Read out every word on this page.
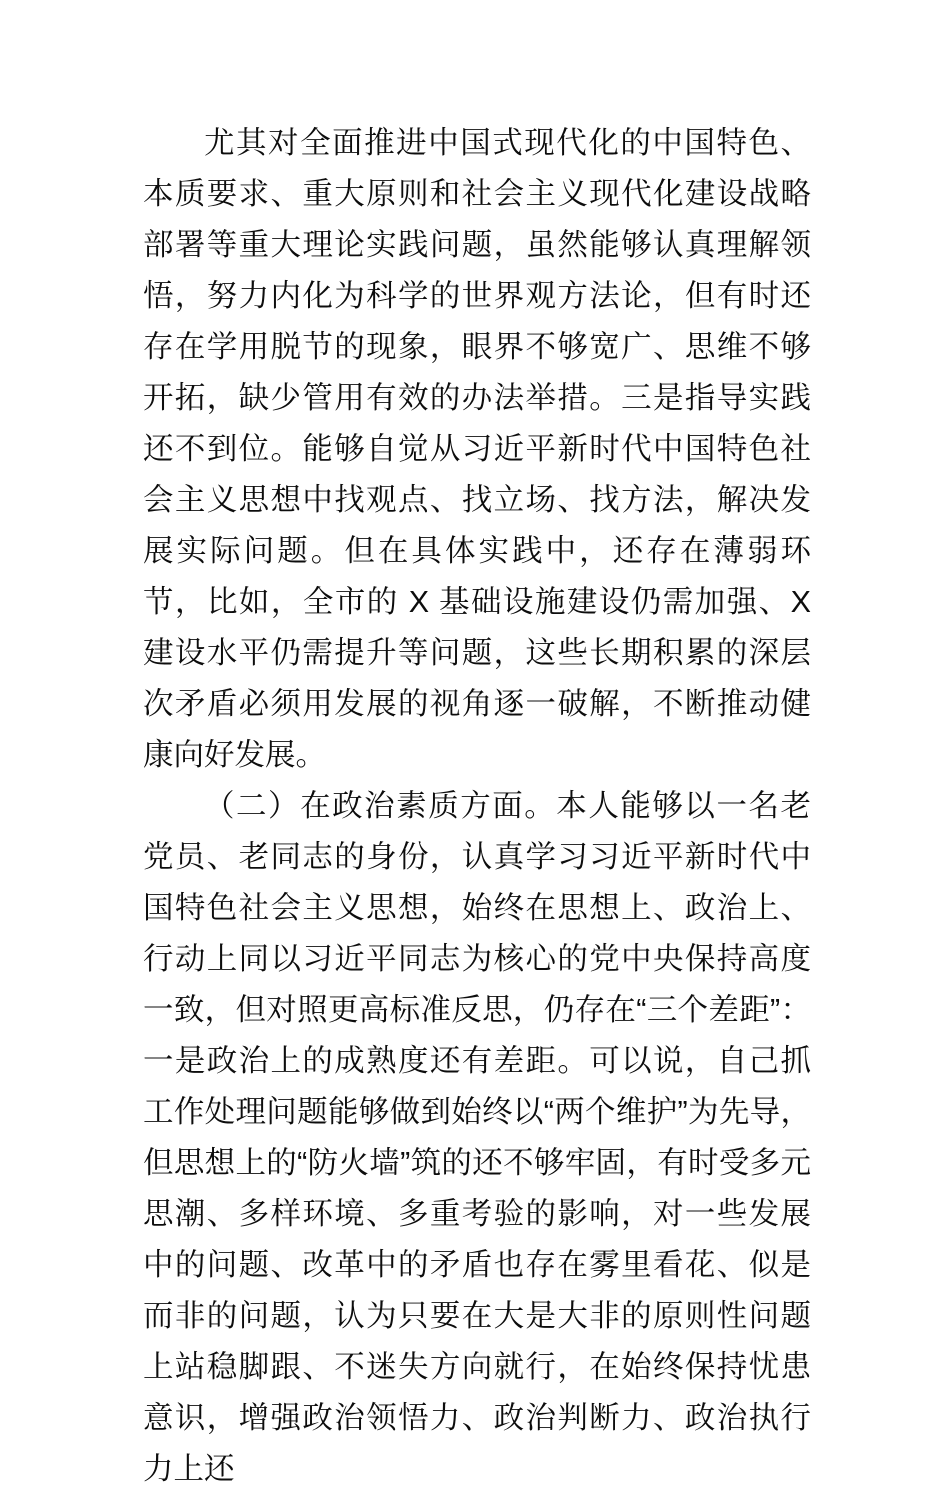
尤其对全面推进中国式现代化的中国特色、本质要求、重大原则和社会主义现代化建设战略部署等重大理论实践问题，虽然能够认真理解领悟，努力内化为科学的世界观方法论，但有时还存在学用脱节的现象，眼界不够宽广、思维不够开拓，缺少管用有效的办法举措。三是指导实践还不到位。能够自觉从习近平新时代中国特色社会主义思想中找观点、找立场、找方法，解决发展实际问题。但在具体实践中，还存在薄弱环节，比如，全市的 X 基础设施建设仍需加强、X 建设水平仍需提升等问题，这些长期积累的深层次矛盾必须用发展的视角逐一破解，不断推动健康向好发展。

（二）在政治素质方面。本人能够以一名老党员、老同志的身份，认真学习习近平新时代中国特色社会主义思想，始终在思想上、政治上、行动上同以习近平同志为核心的党中央保持高度一致，但对照更高标准反思，仍存在“三个差距”：一是政治上的成熟度还有差距。可以说，自己抓工作处理问题能够做到始终以“两个维护”为先导，但思想上的“防火墙”筑的还不够牢固，有时受多元思潮、多样环境、多重考验的影响，对一些发展中的问题、改革中的矛盾也存在雾里看花、似是而非的问题，认为只要在大是大非的原则性问题上站稳脚跟、不迷失方向就行，在始终保持忧患意识，增强政治领悟力、政治判断力、政治执行力上还
